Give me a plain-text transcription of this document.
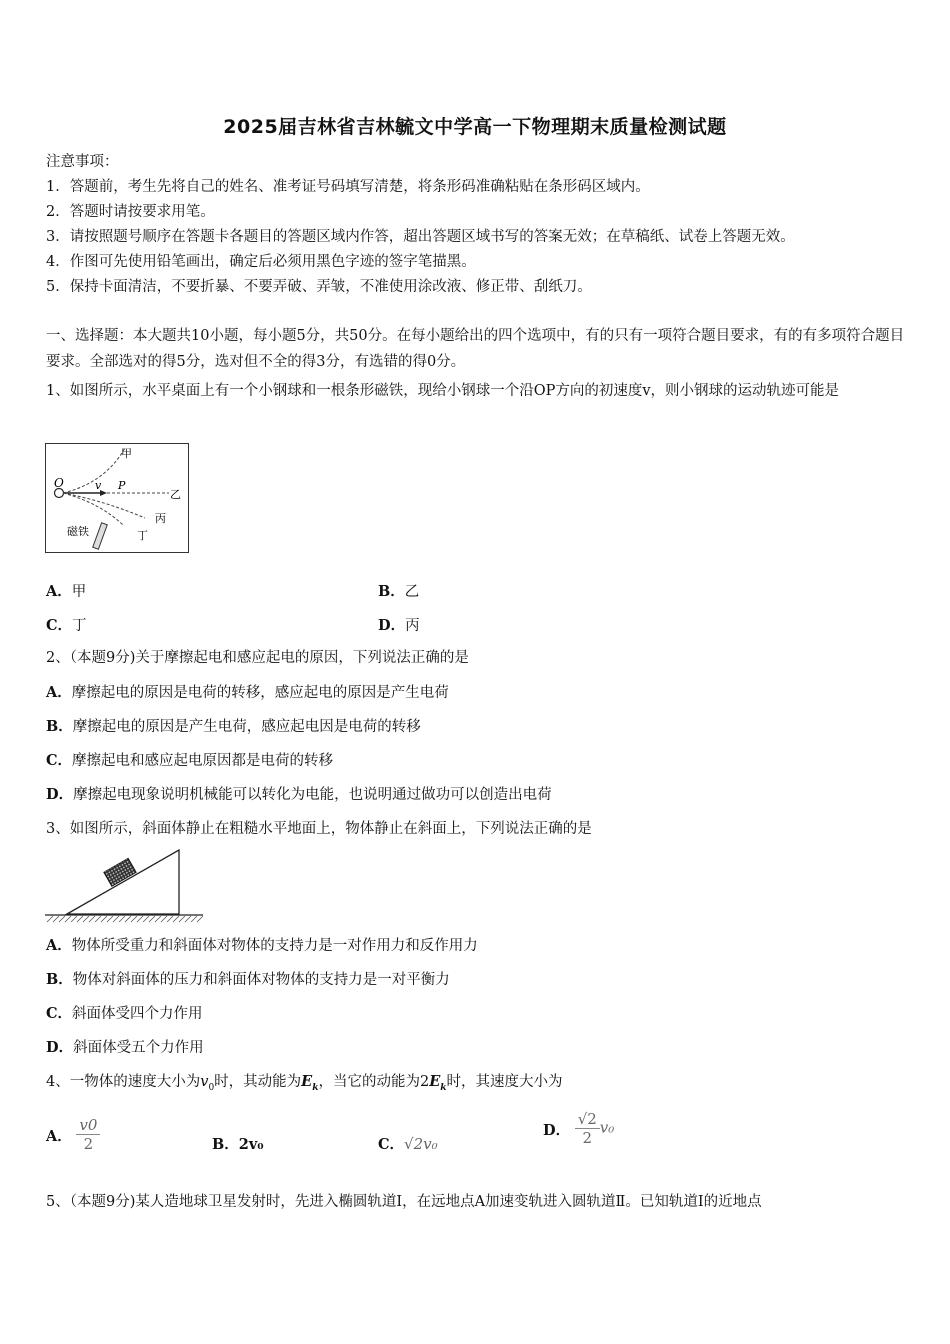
2025届吉林省吉林毓文中学高一下物理期末质量检测试题
注意事项：
1．答题前，考生先将自己的姓名、准考证号码填写清楚，将条形码准确粘贴在条形码区域内。
2．答题时请按要求用笔。
3．请按照题号顺序在答题卡各题目的答题区域内作答，超出答题区域书写的答案无效；在草稿纸、试卷上答题无效。
4．作图可先使用铅笔画出，确定后必须用黑色字迹的签字笔描黑。
5．保持卡面清洁，不要折暴、不要弄破、弄皱，不准使用涂改液、修正带、刮纸刀。
一、选择题：本大题共10小题，每小题5分，共50分。在每小题给出的四个选项中，有的只有一项符合题目要求，有的有多项符合题目要求。全部选对的得5分，选对但不全的得3分，有选错的得0分。
1、如图所示，水平桌面上有一个小钢球和一根条形磁铁，现给小钢球一个沿OP方向的初速度v，则小钢球的运动轨迹可能是
O	v P
甲
乙
丙
丁
磁铁
A．甲	B．乙
C．丁	D．丙
2、（本题9分)关于摩擦起电和感应起电的原因，下列说法正确的是
A．摩擦起电的原因是电荷的转移，感应起电的原因是产生电荷
B．摩擦起电的原因是产生电荷，感应起电因是电荷的转移
C．摩擦起电和感应起电原因都是电荷的转移
D．摩擦起电现象说明机械能可以转化为电能，也说明通过做功可以创造出电荷
3、如图所示，斜面体静止在粗糙水平地面上，物体静止在斜面上，下列说法正确的是
A．物体所受重力和斜面体对物体的支持力是一对作用力和反作用力
B．物体对斜面体的压力和斜面体对物体的支持力是一对平衡力
C．斜面体受四个力作用
D．斜面体受五个力作用
4、一物体的速度大小为$v_0$时，其动能为$E_k$，当它的动能为$2E_k$时，其速度大小为
A． $\frac{v0}{2}$	B．2v₀	C．√2v₀
D． $\frac{√2}{2} v_0$
5、（本题9分)某人造地球卫星发射时，先进入椭圆轨道Ⅰ，在远地点A加速变轨进入圆轨道Ⅱ。已知轨道Ⅰ的近地点
